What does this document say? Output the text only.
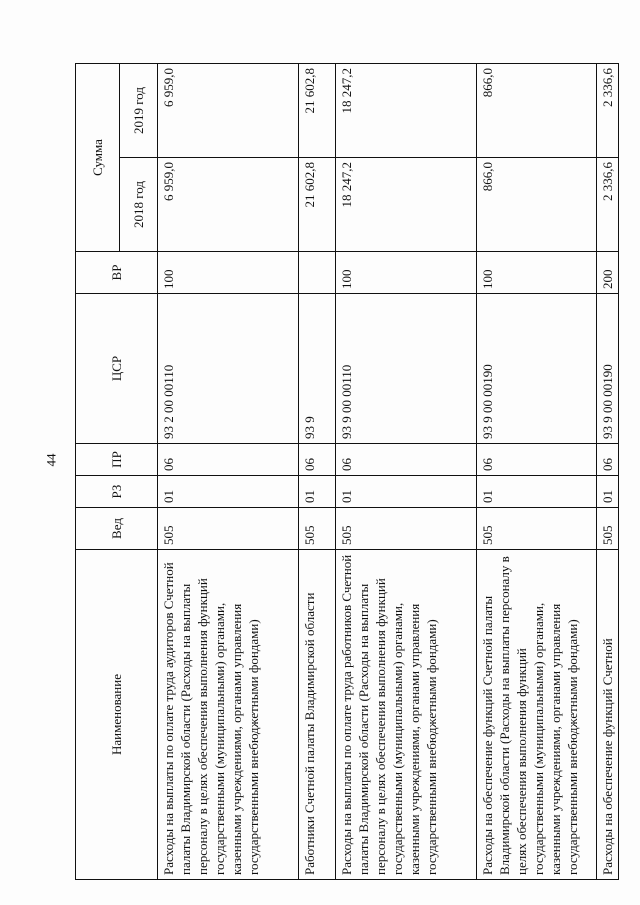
44
Наименование	Вед	РЗ	ПР	ЦСР	ВР	Сумма	
						2018 год	2019 год
Расходы на выплаты по оплате труда аудиторов Счетной палаты Владимирской области (Расходы на выплаты персоналу в целях обеспечения выполнения функций государственными (муниципальными) органами, казенными учреждениями, органами управления государственными внебюджетными фондами)	505	01	06	93 2 00 00110	100	6 959,0	6 959,0
Работники Счетной палаты Владимирской области	505	01	06	93 9		21 602,8	21 602,8
Расходы на выплаты по оплате труда работников Счетной палаты Владимирской области (Расходы на выплаты персоналу в целях обеспечения выполнения функций государственными (муниципальными) органами, казенными учреждениями, органами управления государственными внебюджетными фондами)	505	01	06	93 9 00 00110	100	18 247,2	18 247,2
Расходы на обеспечение функций Счетной палаты Владимирской области (Расходы на выплаты персоналу в целях обеспечения выполнения функций государственными (муниципальными) органами, казенными учреждениями, органами управления государственными внебюджетными фондами)	505	01	06	93 9 00 00190	100	866,0	866,0
Расходы на обеспечение функций Счетной	505	01	06	93 9 00 00190	200	2 336,6	2 336,6
